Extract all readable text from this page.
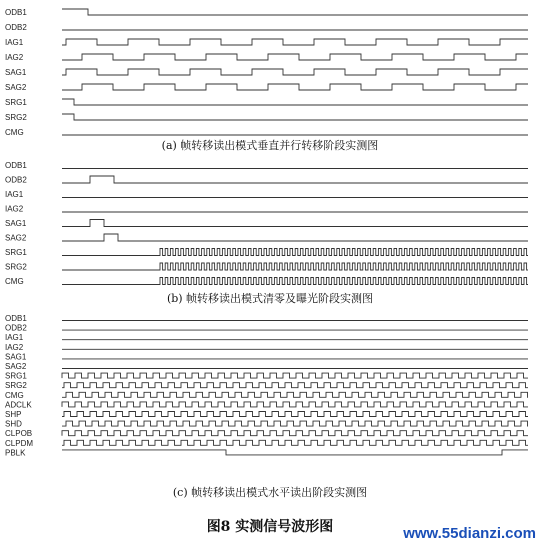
ODB1
ODB2
IAG1
IAG2
SAG1
SAG2
SRG1
SRG2
CMG
(a) 帧转移读出模式垂直并行转移阶段实测图
ODB1
ODB2
IAG1
IAG2
SAG1
SAG2
SRG1
SRG2
CMG
(b) 帧转移读出模式清零及曝光阶段实测图
ODB1
ODB2
IAG1
IAG2
SAG1
SAG2
SRG1
SRG2
CMG
ADCLK
SHP
SHD
CLPOB
CLPDM
PBLK
(c) 帧转移读出模式水平读出阶段实测图
图8 实测信号波形图	www.55dianzi.com
